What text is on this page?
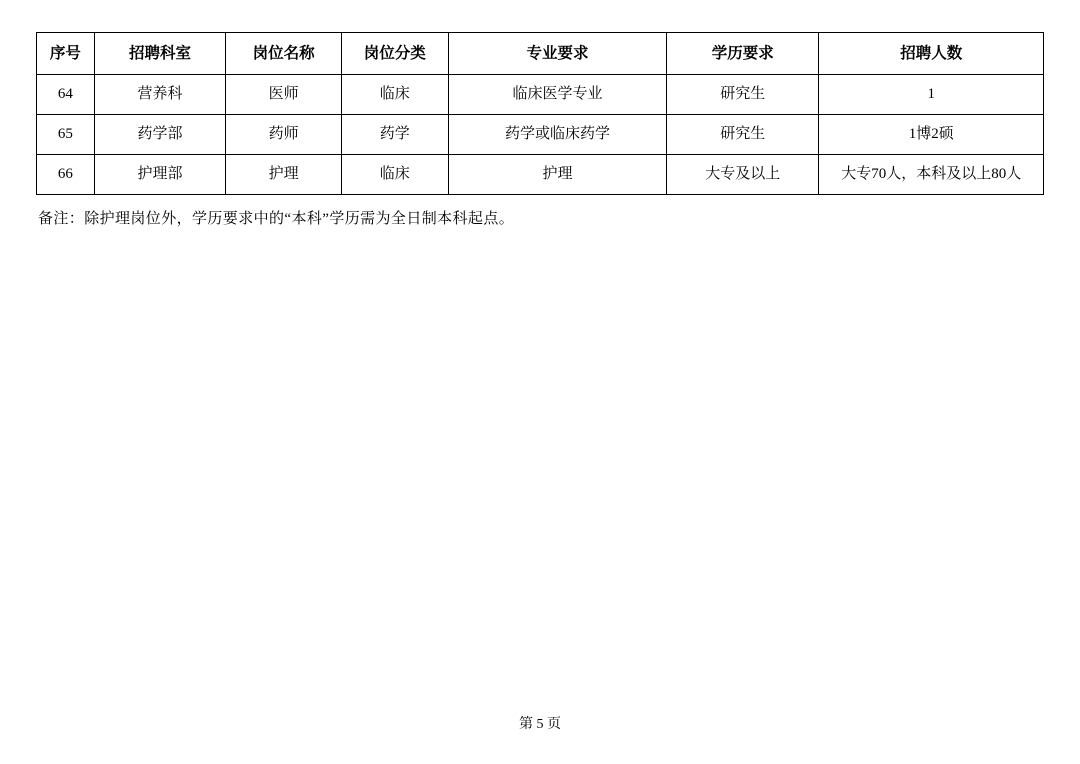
序号	招聘科室	岗位名称	岗位分类	专业要求	学历要求	招聘人数
64	营养科	医师	临床	临床医学专业	研究生	1
65	药学部	药师	药学	药学或临床药学	研究生	1博2硕
66	护理部	护理	临床	护理	大专及以上	大专70人，本科及以上80人
备注：除护理岗位外，学历要求中的“本科”学历需为全日制本科起点。
第 5 页
